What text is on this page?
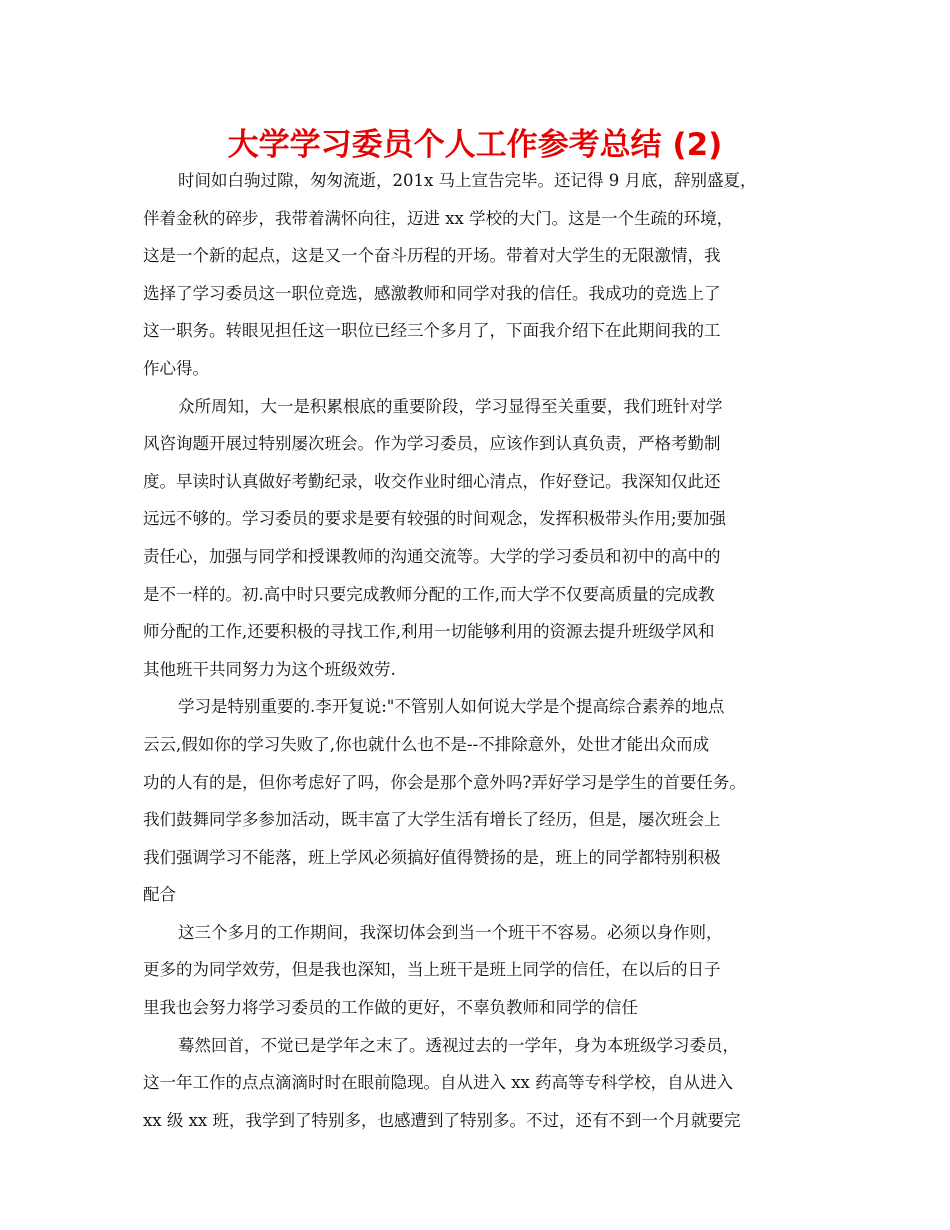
大学学习委员个人工作参考总结 (2)
时间如白驹过隙，匆匆流逝，201x 马上宣告完毕。还记得 9 月底，辞别盛夏，
伴着金秋的碎步，我带着满怀向往，迈进 xx 学校的大门。这是一个生疏的环境，
这是一个新的起点，这是又一个奋斗历程的开场。带着对大学生的无限激情，我
选择了学习委员这一职位竞选，感激教师和同学对我的信任。我成功的竞选上了
这一职务。转眼见担任这一职位已经三个多月了，下面我介绍下在此期间我的工
作心得。
众所周知，大一是积累根底的重要阶段，学习显得至关重要，我们班针对学
风咨询题开展过特别屡次班会。作为学习委员，应该作到认真负责，严格考勤制
度。早读时认真做好考勤纪录，收交作业时细心清点，作好登记。我深知仅此还
远远不够的。学习委员的要求是要有较强的时间观念，发挥积极带头作用;要加强
责任心，加强与同学和授课教师的沟通交流等。大学的学习委员和初中的高中的
是不一样的。初.高中时只要完成教师分配的工作,而大学不仅要高质量的完成教
师分配的工作,还要积极的寻找工作,利用一切能够利用的资源去提升班级学风和
其他班干共同努力为这个班级效劳.
学习是特别重要的.李开复说:"不管别人如何说大学是个提高综合素养的地点
云云,假如你的学习失败了,你也就什么也不是--不排除意外，处世才能出众而成
功的人有的是，但你考虑好了吗，你会是那个意外吗?弄好学习是学生的首要任务。
我们鼓舞同学多参加活动，既丰富了大学生活有增长了经历，但是，屡次班会上
我们强调学习不能落，班上学风必须搞好值得赞扬的是，班上的同学都特别积极
配合
这三个多月的工作期间，我深切体会到当一个班干不容易。必须以身作则，
更多的为同学效劳，但是我也深知，当上班干是班上同学的信任，在以后的日子
里我也会努力将学习委员的工作做的更好，不辜负教师和同学的信任
蓦然回首，不觉已是学年之末了。透视过去的一学年，身为本班级学习委员，
这一年工作的点点滴滴时时在眼前隐现。自从进入 xx 药高等专科学校，自从进入
xx 级 xx 班，我学到了特别多，也感遭到了特别多。不过，还有不到一个月就要完
